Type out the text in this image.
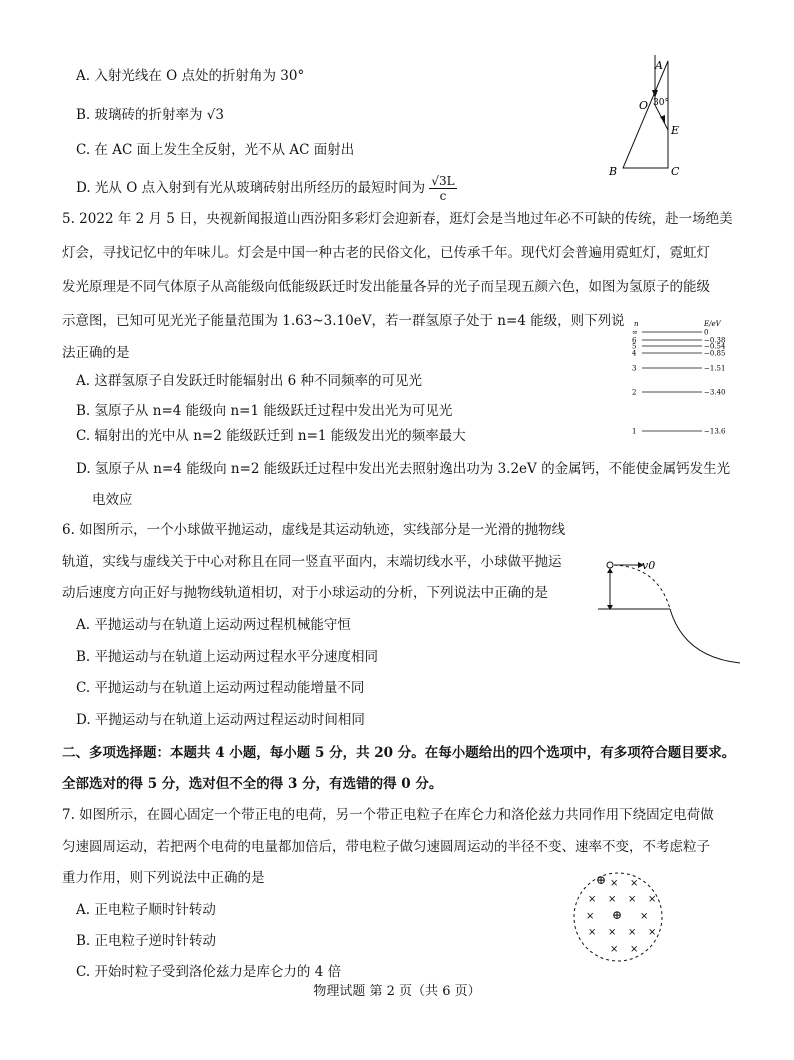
A. 入射光线在 O 点处的折射角为 30°
B. 玻璃砖的折射率为 √3
C. 在 AC 面上发生全反射，光不从 AC 面射出
D. 光从 O 点入射到有光从玻璃砖射出所经历的最短时间为 $\frac{√3L}{c}$
A
O 30°
E
B	C
5. 2022 年 2 月 5 日，央视新闻报道山西汾阳多彩灯会迎新春，逛灯会是当地过年必不可缺的传统，赴一场绝美
灯会，寻找记忆中的年味儿。灯会是中国一种古老的民俗文化，已传承千年。现代灯会普遍用霓虹灯，霓虹灯
发光原理是不同气体原子从高能级向低能级跃迁时发出能量各异的光子而呈现五颜六色，如图为氢原子的能级
示意图，已知可见光光子能量范围为 1.63~3.10eV，若一群氢原子处于 n=4 能级，则下列说
法正确的是
A. 这群氢原子自发跃迁时能辐射出 6 种不同频率的可见光
B. 氢原子从 n=4 能级向 n=1 能级跃迁过程中发出光为可见光
C. 辐射出的光中从 n=2 能级跃迁到 n=1 能级发出光的频率最大
D. 氢原子从 n=4 能级向 n=2 能级跃迁过程中发出光去照射逸出功为 3.2eV 的金属钙，不能使金属钙发生光
电效应
n	E/eV
∞	0
6	−0.38
5	−0.54
4	−0.85
3	−1.51
2	−3.40
1	−13.6
6. 如图所示，一个小球做平抛运动，虚线是其运动轨迹，实线部分是一光滑的抛物线
轨道，实线与虚线关于中心对称且在同一竖直平面内，末端切线水平，小球做平抛运
动后速度方向正好与抛物线轨道相切，对于小球运动的分析，下列说法中正确的是
A. 平抛运动与在轨道上运动两过程机械能守恒
B. 平抛运动与在轨道上运动两过程水平分速度相同
C. 平抛运动与在轨道上运动两过程动能增量不同
D. 平抛运动与在轨道上运动两过程运动时间相同
v0
二、多项选择题：本题共 4 小题，每小题 5 分，共 20 分。在每小题给出的四个选项中，有多项符合题目要求。
全部选对的得 5 分，选对但不全的得 3 分，有选错的得 0 分。
7. 如图所示，在圆心固定一个带正电的电荷，另一个带正电粒子在库仑力和洛伦兹力共同作用下绕固定电荷做
匀速圆周运动，若把两个电荷的电量都加倍后，带电粒子做匀速圆周运动的半径不变、速率不变，不考虑粒子
重力作用，则下列说法中正确的是
A. 正电粒子顺时针转动
B. 正电粒子逆时针转动
C. 开始时粒子受到洛伦兹力是库仑力的 4 倍
× ×
× × × ×
×	×
× × × ×
× ×
⊕
⊕
物理试题 第 2 页（共 6 页）
